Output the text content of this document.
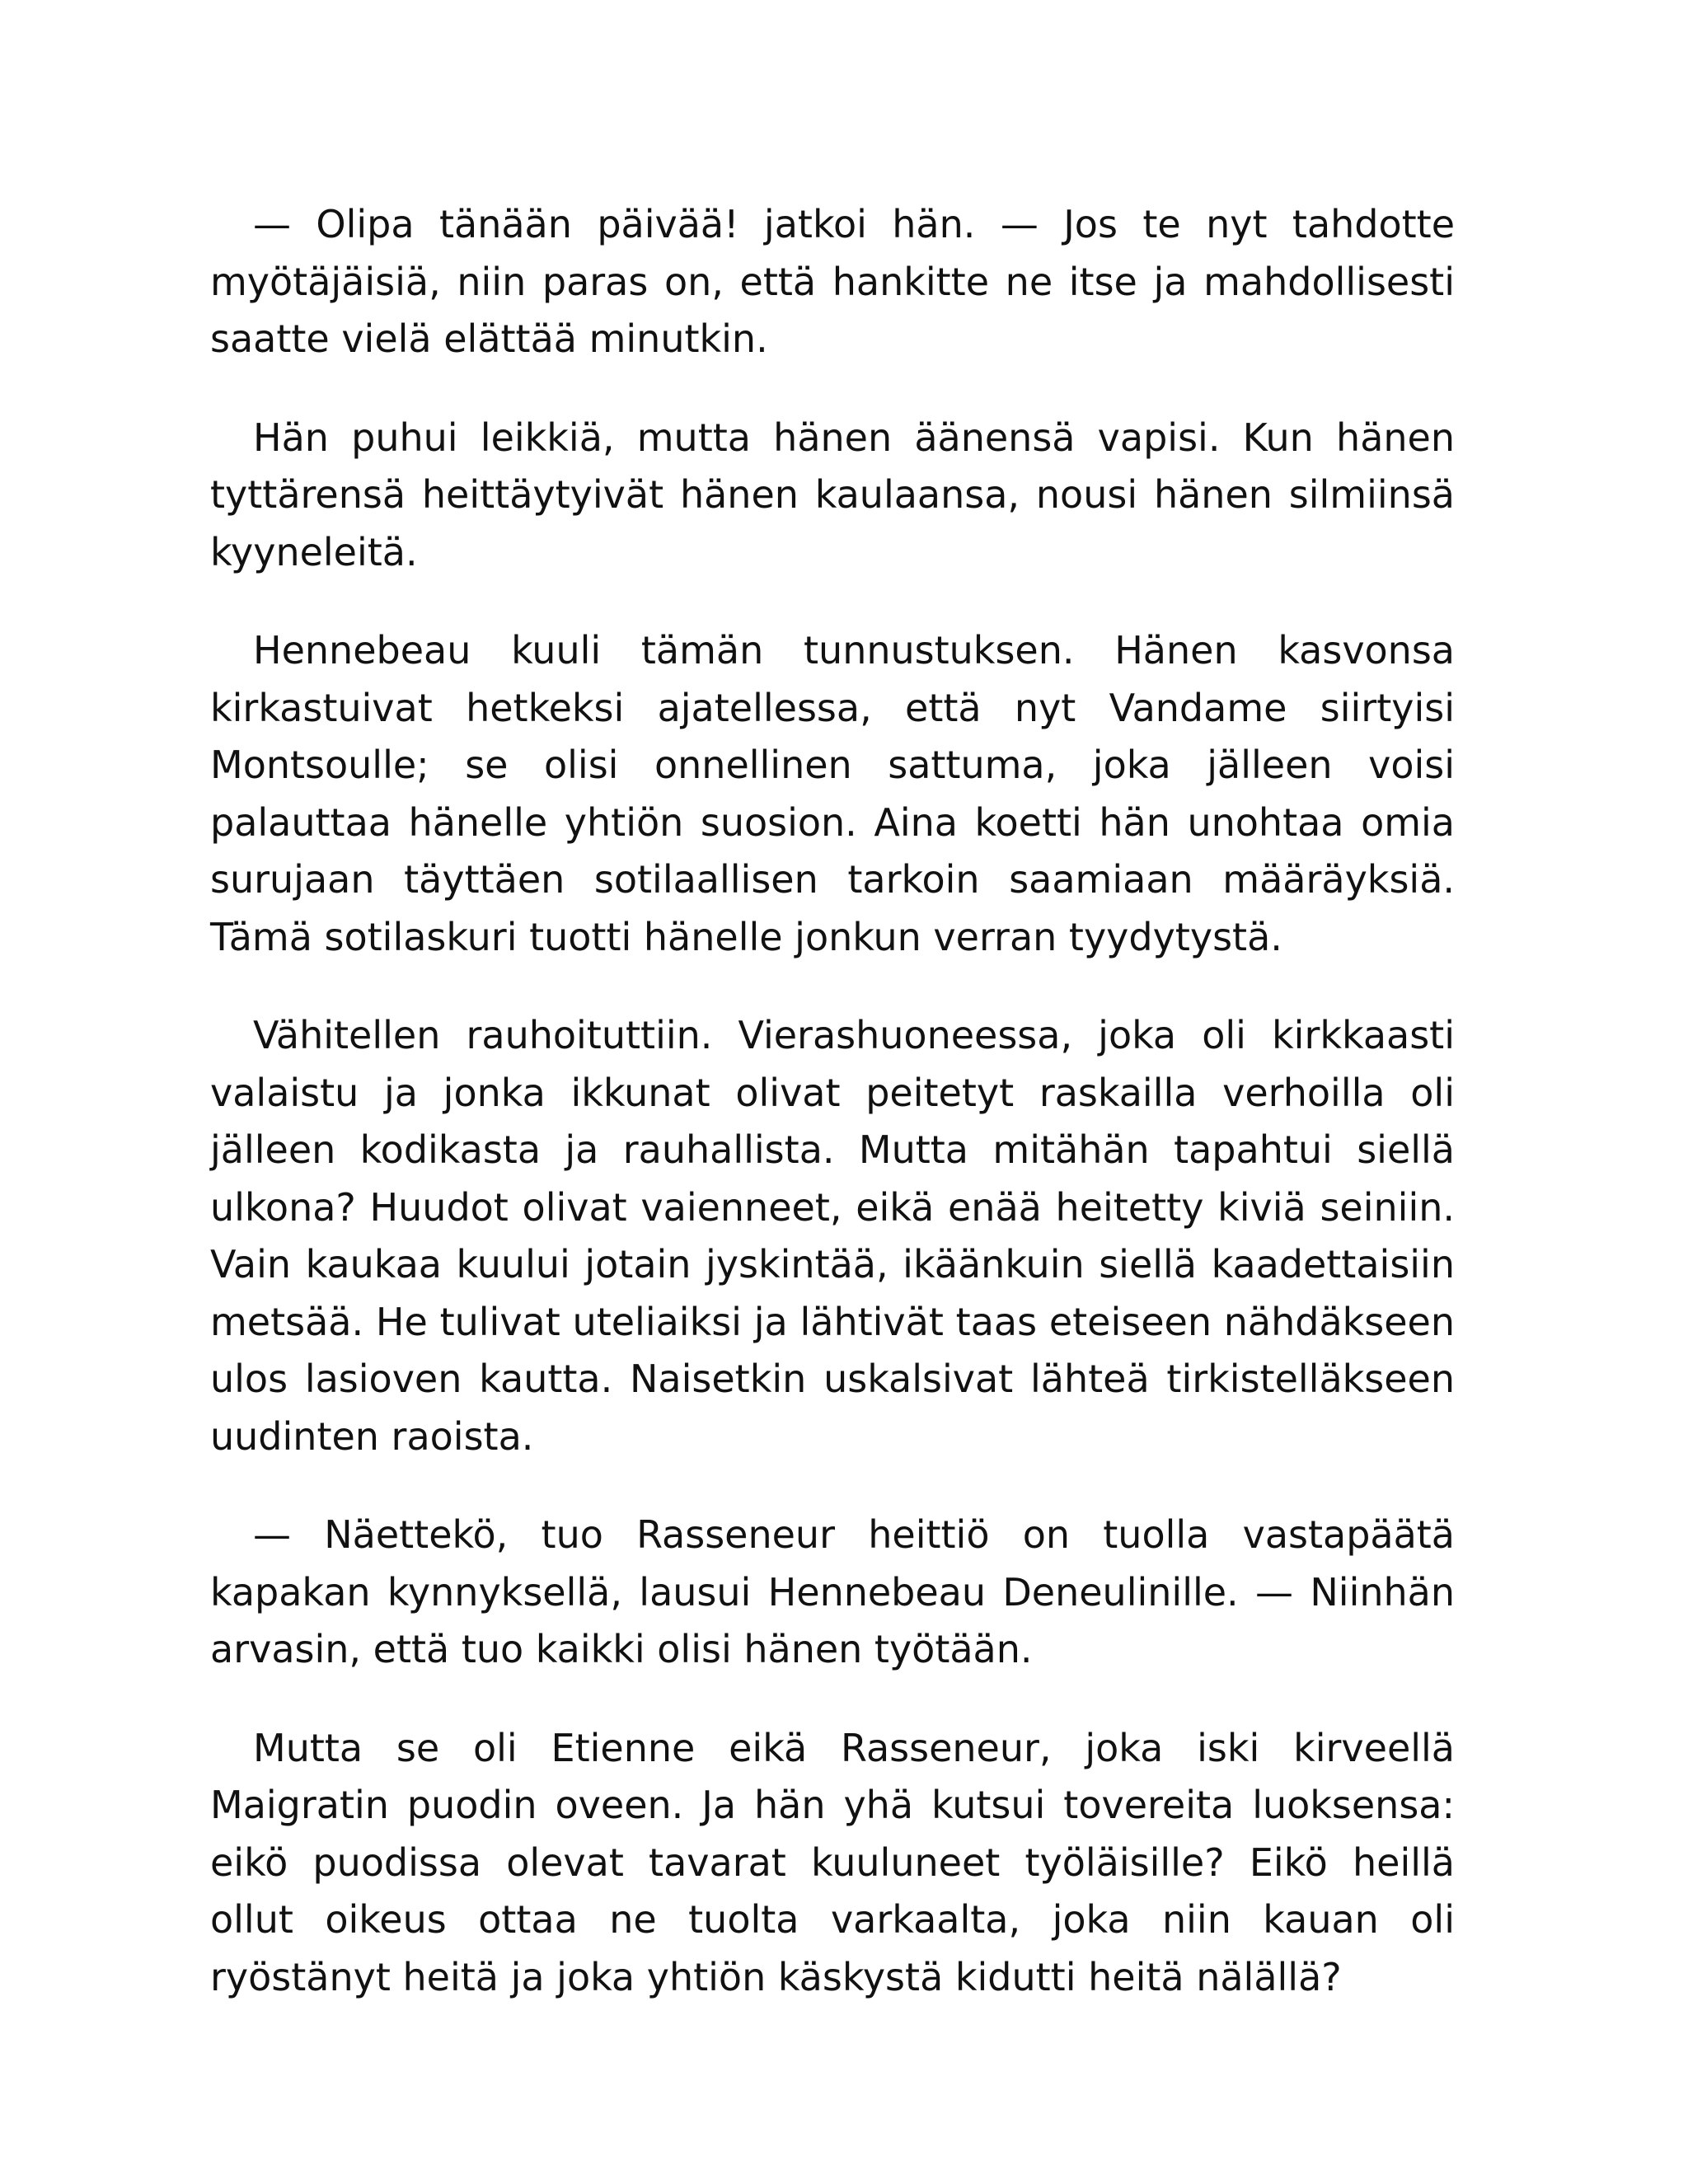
— Olipa tänään päivää! jatkoi hän. — Jos te nyt tahdotte myötäjäisiä, niin paras on, että hankitte ne itse ja mahdollisesti saatte vielä elättää minutkin.

Hän puhui leikkiä, mutta hänen äänensä vapisi. Kun hänen tyttärensä heittäytyivät hänen kaulaansa, nousi hänen silmiinsä kyyneleitä.

Hennebeau kuuli tämän tunnustuksen. Hänen kasvonsa kirkastuivat hetkeksi ajatellessa, että nyt Vandame siirtyisi Montsoulle; se olisi onnellinen sattuma, joka jälleen voisi palauttaa hänelle yhtiön suosion. Aina koetti hän unohtaa omia surujaan täyttäen sotilaallisen tarkoin saamiaan määräyksiä. Tämä sotilaskuri tuotti hänelle jonkun verran tyydytystä.

Vähitellen rauhoituttiin. Vierashuoneessa, joka oli kirkkaasti valaistu ja jonka ikkunat olivat peitetyt raskailla verhoilla oli jälleen kodikasta ja rauhallista. Mutta mitähän tapahtui siellä ulkona? Huudot olivat vaienneet, eikä enää heitetty kiviä seiniin. Vain kaukaa kuului jotain jyskintää, ikäänkuin siellä kaadettaisiin metsää. He tulivat uteliaiksi ja lähtivät taas eteiseen nähdäkseen ulos lasioven kautta. Naisetkin uskalsivat lähteä tirkistelläkseen uudinten raoista.

— Näettekö, tuo Rasseneur heittiö on tuolla vastapäätä kapakan kynnyksellä, lausui Hennebeau Deneulinille. — Niinhän arvasin, että tuo kaikki olisi hänen työtään.

Mutta se oli Etienne eikä Rasseneur, joka iski kirveellä Maigratin puodin oveen. Ja hän yhä kutsui tovereita luoksensa: eikö puodissa olevat tavarat kuuluneet työläisille? Eikö heillä ollut oikeus ottaa ne tuolta varkaalta, joka niin kauan oli ryöstänyt heitä ja joka yhtiön käskystä kidutti heitä nälällä?
